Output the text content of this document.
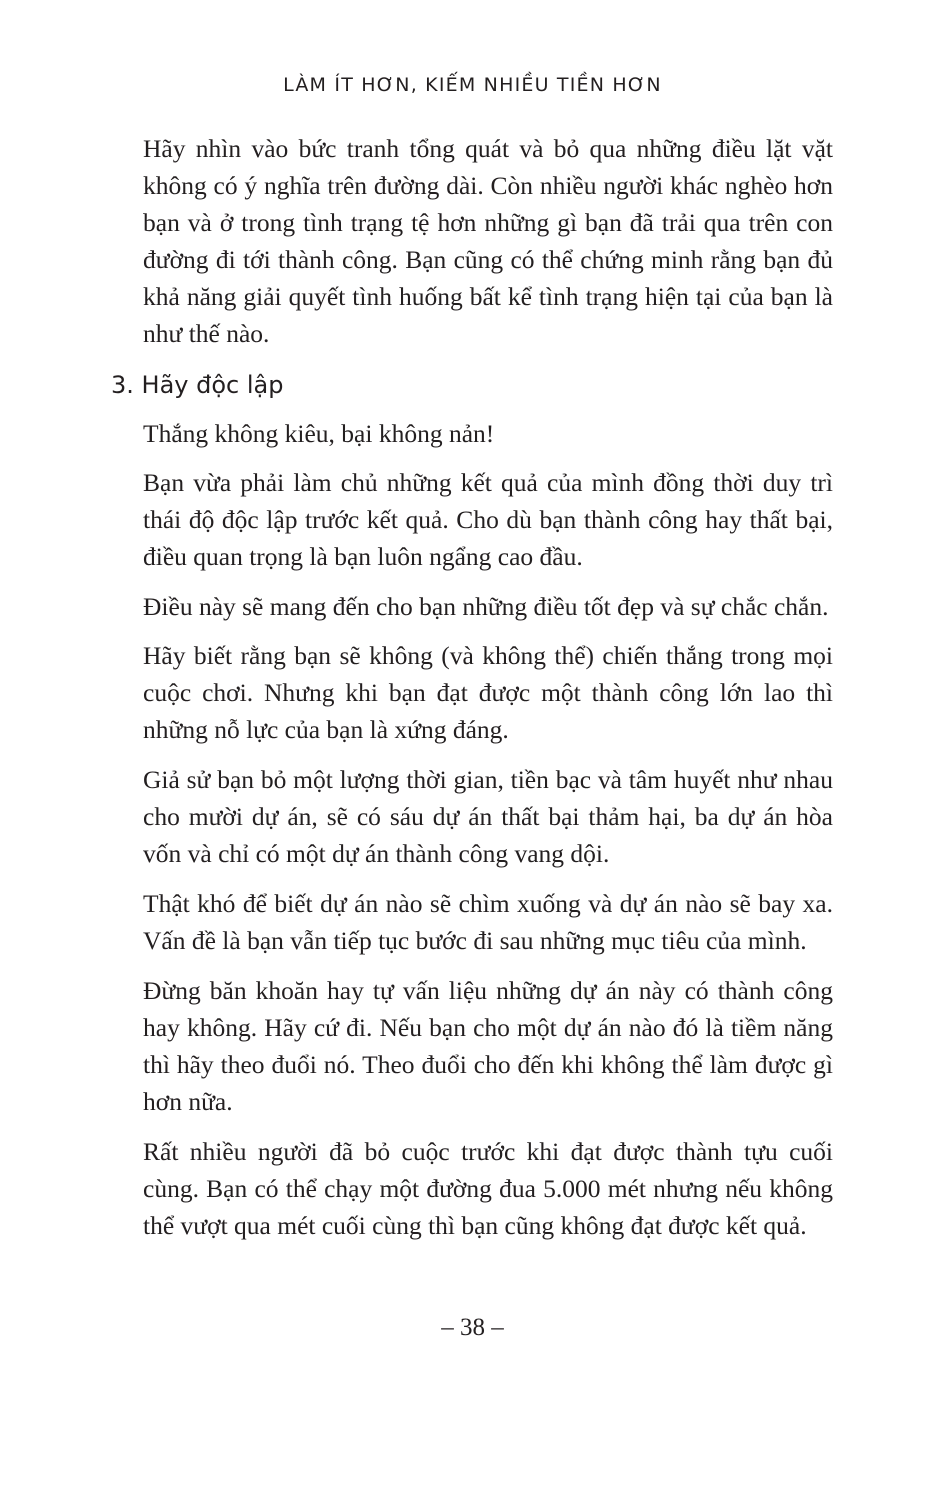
LÀM ÍT HƠN, KIẾM NHIỀU TIỀN HƠN

Hãy nhìn vào bức tranh tổng quát và bỏ qua những điều lặt vặt không có ý nghĩa trên đường dài. Còn nhiều người khác nghèo hơn bạn và ở trong tình trạng tệ hơn những gì bạn đã trải qua trên con đường đi tới thành công. Bạn cũng có thể chứng minh rằng bạn đủ khả năng giải quyết tình huống bất kể tình trạng hiện tại của bạn là như thế nào.

3. Hãy độc lập

Thắng không kiêu, bại không nản!

Bạn vừa phải làm chủ những kết quả của mình đồng thời duy trì thái độ độc lập trước kết quả. Cho dù bạn thành công hay thất bại, điều quan trọng là bạn luôn ngẩng cao đầu.

Điều này sẽ mang đến cho bạn những điều tốt đẹp và sự chắc chắn.

Hãy biết rằng bạn sẽ không (và không thể) chiến thắng trong mọi cuộc chơi. Nhưng khi bạn đạt được một thành công lớn lao thì những nỗ lực của bạn là xứng đáng.

Giả sử bạn bỏ một lượng thời gian, tiền bạc và tâm huyết như nhau cho mười dự án, sẽ có sáu dự án thất bại thảm hại, ba dự án hòa vốn và chỉ có một dự án thành công vang dội.

Thật khó để biết dự án nào sẽ chìm xuống và dự án nào sẽ bay xa. Vấn đề là bạn vẫn tiếp tục bước đi sau những mục tiêu của mình.

Đừng băn khoăn hay tự vấn liệu những dự án này có thành công hay không. Hãy cứ đi. Nếu bạn cho một dự án nào đó là tiềm năng thì hãy theo đuổi nó. Theo đuổi cho đến khi không thể làm được gì hơn nữa.

Rất nhiều người đã bỏ cuộc trước khi đạt được thành tựu cuối cùng. Bạn có thể chạy một đường đua 5.000 mét nhưng nếu không thể vượt qua mét cuối cùng thì bạn cũng không đạt được kết quả.

– 38 –
